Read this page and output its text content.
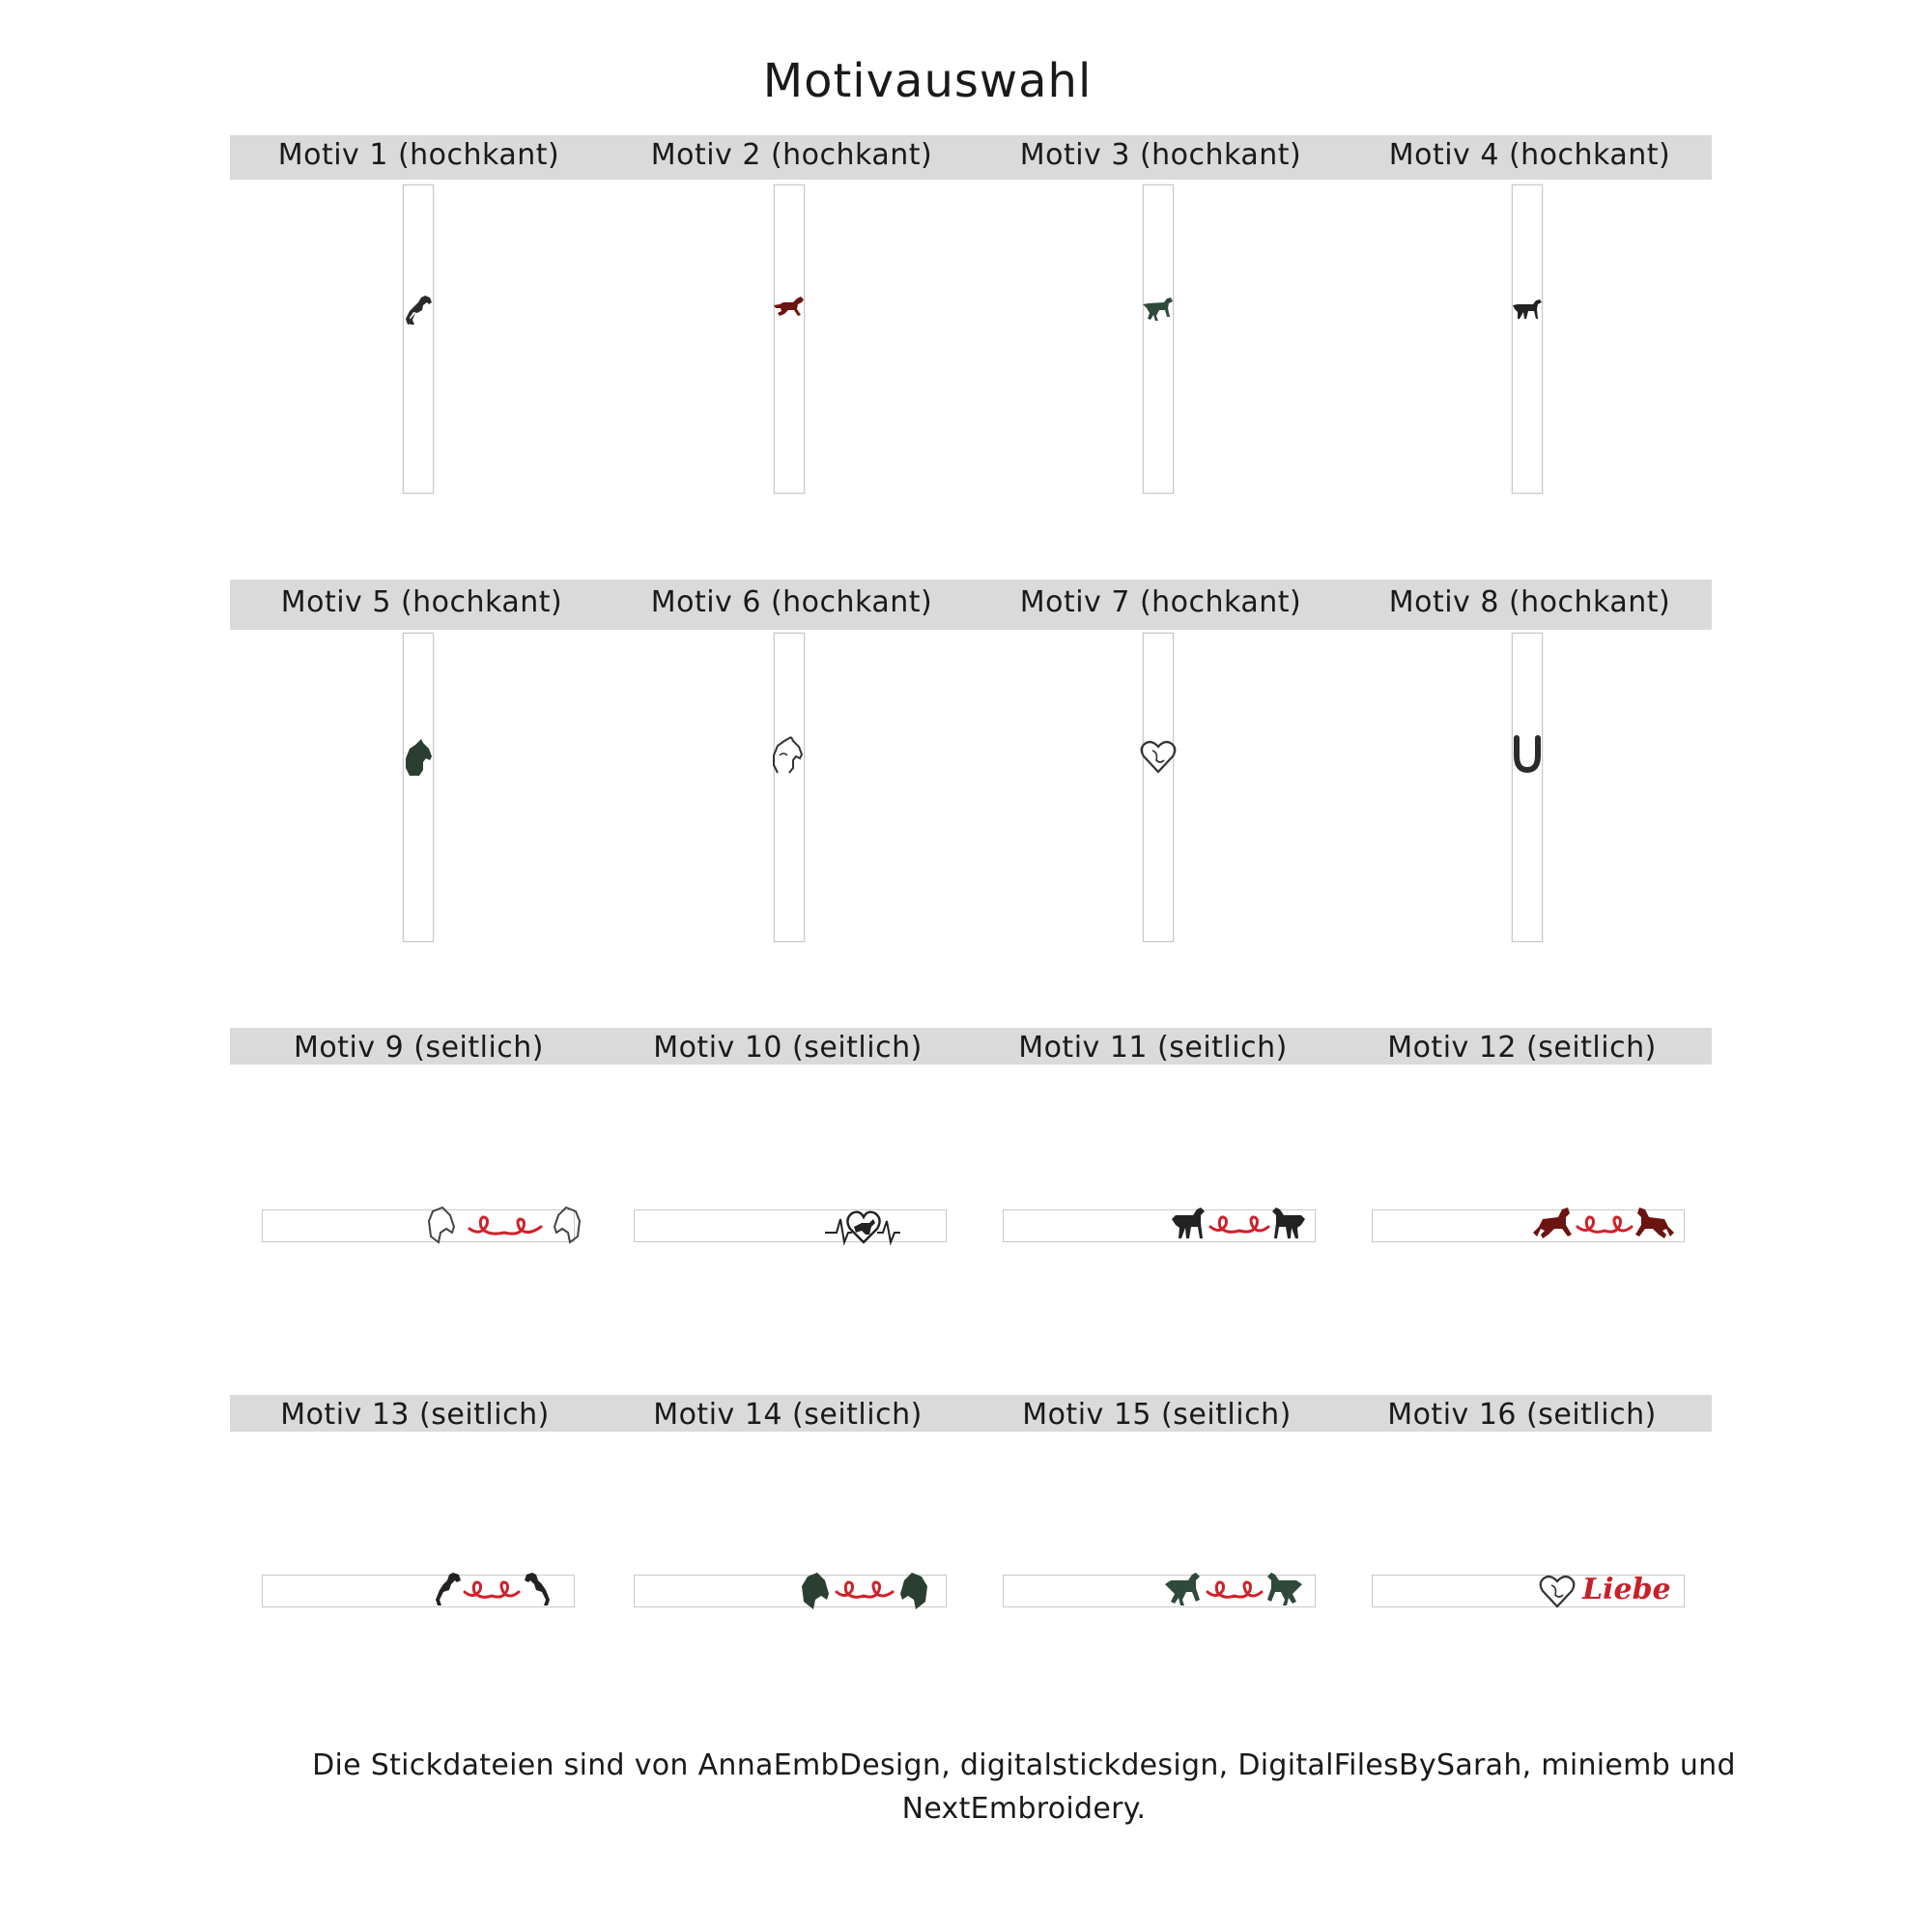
Motivauswahl
Motiv 1 (hochkant)	Motiv 2 (hochkant)	Motiv 3 (hochkant)	Motiv 4 (hochkant)
Motiv 5 (hochkant)	Motiv 6 (hochkant)	Motiv 7 (hochkant)	Motiv 8 (hochkant)
Motiv 9 (seitlich)	Motiv 10 (seitlich)	Motiv 11 (seitlich)	Motiv 12 (seitlich)
Motiv 13 (seitlich)	Motiv 14 (seitlich)	Motiv 15 (seitlich)	Motiv 16 (seitlich)
Liebe
Die Stickdateien sind von AnnaEmbDesign, digitalstickdesign, DigitalFilesBySarah, miniemb und
NextEmbroidery.
